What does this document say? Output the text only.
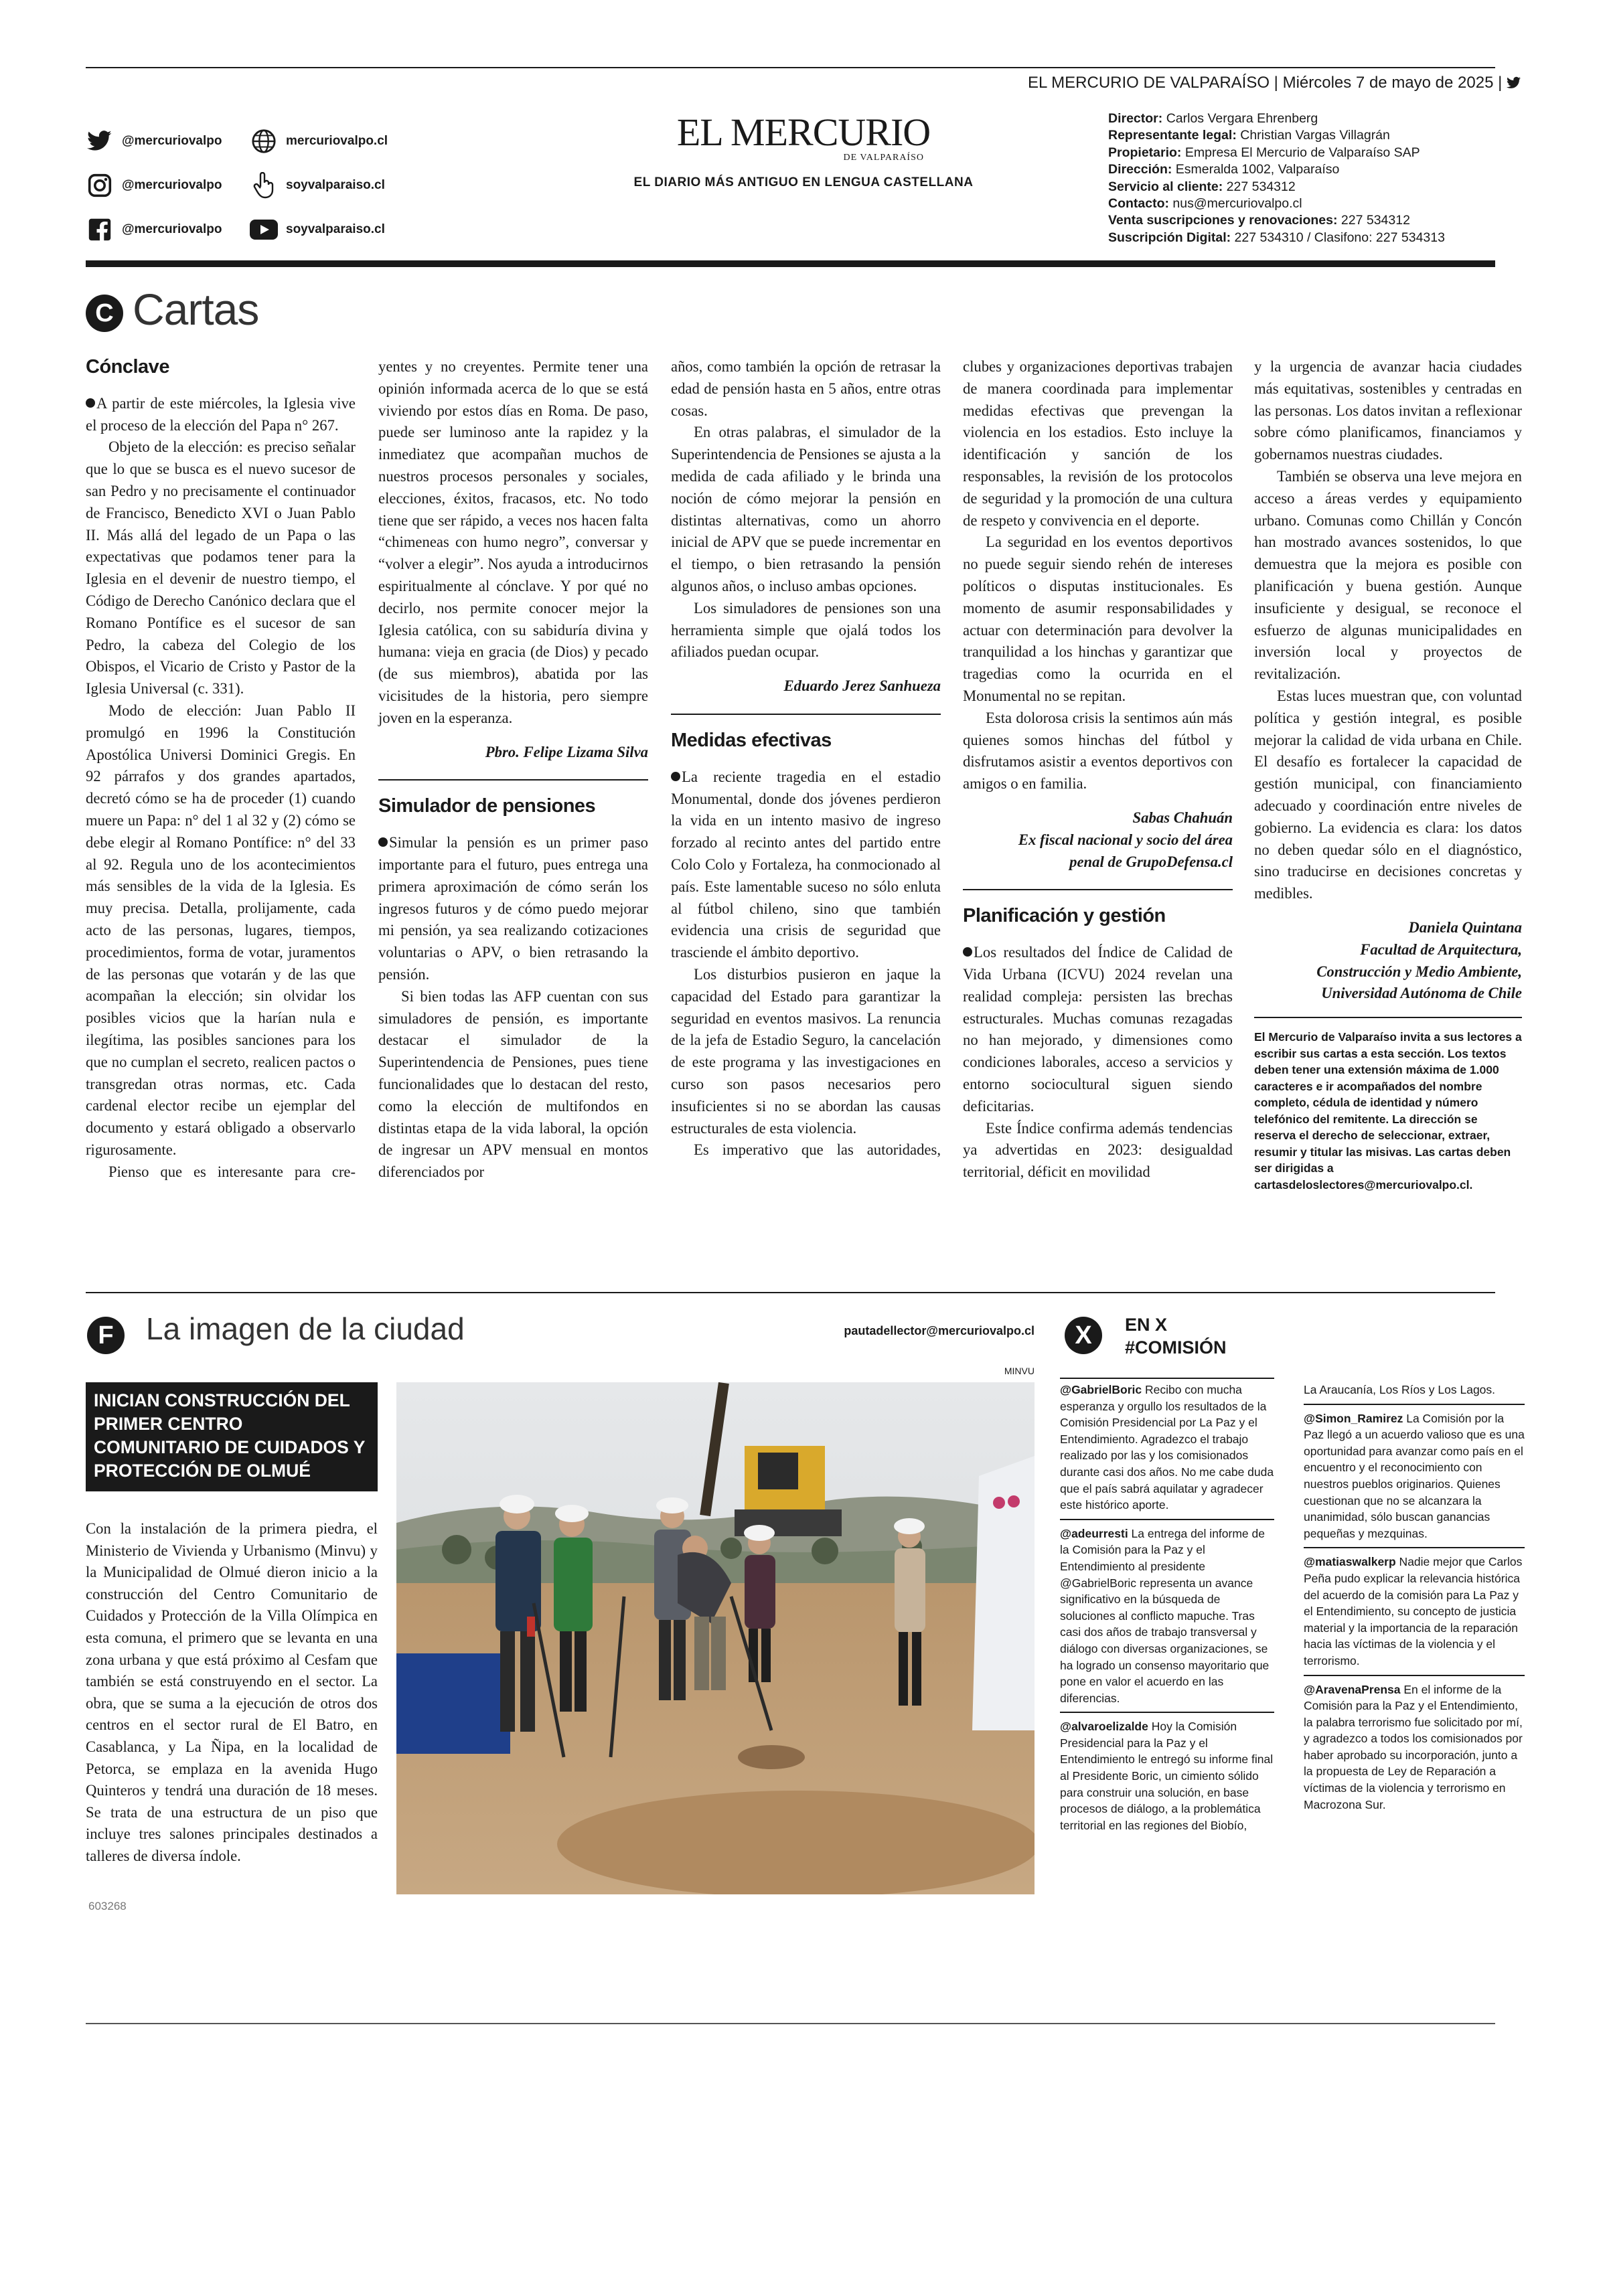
EL MERCURIO DE VALPARAÍSO | Miércoles 7 de mayo de 2025 |
@mercuriovalpo	mercuriovalpo.cl
@mercuriovalpo	soyvalparaiso.cl
@mercuriovalpo	soyvalparaiso.cl
EL MERCURIO
DE VALPARAÍSO
EL DIARIO MÁS ANTIGUO EN LENGUA CASTELLANA
Director: Carlos Vergara Ehrenberg
Representante legal: Christian Vargas Villagrán
Propietario: Empresa El Mercurio de Valparaíso SAP
Dirección: Esmeralda 1002, Valparaíso
Servicio al cliente: 227 534312
Contacto: nus@mercuriovalpo.cl
Venta suscripciones y renovaciones: 227 534312
Suscripción Digital: 227 534310 / Clasifono: 227 534313
C Cartas
Cónclave

A partir de este miércoles, la Iglesia vive el proceso de la elección del Papa n° 267.

Objeto de la elección: es preciso señalar que lo que se busca es el nuevo sucesor de san Pedro y no precisamente el continuador de Francisco, Benedicto XVI o Juan Pablo II. Más allá del legado de un Papa o las expectativas que podamos tener para la Iglesia en el devenir de nuestro tiempo, el Código de Derecho Canónico declara que el Romano Pontífice es el sucesor de san Pedro, la cabeza del Colegio de los Obispos, el Vicario de Cristo y Pastor de la Iglesia Universal (c. 331).

Modo de elección: Juan Pablo II promulgó en 1996 la Constitución Apostólica Universi Dominici Gregis. En 92 párrafos y dos grandes apartados, decretó cómo se ha de proceder (1) cuando muere un Papa: n° del 1 al 32 y (2) cómo se debe elegir al Romano Pontífice: n° del 33 al 92. Regula uno de los acontecimientos más sensibles de la vida de la Iglesia. Es muy precisa. Detalla, prolijamente, cada acto de las personas, lugares, tiempos, procedimientos, forma de votar, juramentos de las personas que votarán y de las que acompañan la elección; sin olvidar los posibles vicios que la harían nula e ilegítima, las posibles sanciones para los que no cumplan el secreto, realicen pactos o transgredan otras normas, etc. Cada cardenal elector recibe un ejemplar del documento y estará obligado a observarlo rigurosamente.

Pienso que es interesante para cre-

yentes y no creyentes. Permite tener una opinión informada acerca de lo que se está viviendo por estos días en Roma. De paso, puede ser luminoso ante la rapidez y la inmediatez que acompañan muchos de nuestros procesos personales y sociales, elecciones, éxitos, fracasos, etc. No todo tiene que ser rápido, a veces nos hacen falta “chimeneas con humo negro”, conversar y “volver a elegir”. Nos ayuda a introducirnos espiritualmente al cónclave. Y por qué no decirlo, nos permite conocer mejor la Iglesia católica, con su sabiduría divina y humana: vieja en gracia (de Dios) y pecado (de sus miembros), abatida por las vicisitudes de la historia, pero siempre joven en la esperanza.

Pbro. Felipe Lizama Silva

Simulador de pensiones

Simular la pensión es un primer paso importante para el futuro, pues entrega una primera aproximación de cómo serán los ingresos futuros y de cómo puedo mejorar mi pensión, ya sea realizando cotizaciones voluntarias o APV, o bien retrasando la pensión.

Si bien todas las AFP cuentan con sus simuladores de pensión, es importante destacar el simulador de la Superintendencia de Pensiones, pues tiene funcionalidades que lo destacan del resto, como la elección de multifondos en distintas etapa de la vida laboral, la opción de ingresar un APV mensual en montos diferenciados por

años, como también la opción de retrasar la edad de pensión hasta en 5 años, entre otras cosas.

En otras palabras, el simulador de la Superintendencia de Pensiones se ajusta a la medida de cada afiliado y le brinda una noción de cómo mejorar la pensión en distintas alternativas, como un ahorro inicial de APV que se puede incrementar en el tiempo, o bien retrasando la pensión algunos años, o incluso ambas opciones.

Los simuladores de pensiones son una herramienta simple que ojalá todos los afiliados puedan ocupar.

Eduardo Jerez Sanhueza

Medidas efectivas

La reciente tragedia en el estadio Monumental, donde dos jóvenes perdieron la vida en un intento masivo de ingreso forzado al recinto antes del partido entre Colo Colo y Fortaleza, ha conmocionado al país. Este lamentable suceso no sólo enluta al fútbol chileno, sino que también evidencia una crisis de seguridad que trasciende el ámbito deportivo.

Los disturbios pusieron en jaque la capacidad del Estado para garantizar la seguridad en eventos masivos. La renuncia de la jefa de Estadio Seguro, la cancelación de este programa y las investigaciones en curso son pasos necesarios pero insuficientes si no se abordan las causas estructurales de esta violencia.

Es imperativo que las autoridades,

clubes y organizaciones deportivas trabajen de manera coordinada para implementar medidas efectivas que prevengan la violencia en los estadios. Esto incluye la identificación y sanción de los responsables, la revisión de los protocolos de seguridad y la promoción de una cultura de respeto y convivencia en el deporte.

La seguridad en los eventos deportivos no puede seguir siendo rehén de intereses políticos o disputas institucionales. Es momento de asumir responsabilidades y actuar con determinación para devolver la tranquilidad a los hinchas y garantizar que tragedias como la ocurrida en el Monumental no se repitan.

Esta dolorosa crisis la sentimos aún más quienes somos hinchas del fútbol y disfrutamos asistir a eventos deportivos con amigos o en familia.

Sabas Chahuán

Ex fiscal nacional y socio del área penal de GrupoDefensa.cl

Planificación y gestión

Los resultados del Índice de Calidad de Vida Urbana (ICVU) 2024 revelan una realidad compleja: persisten las brechas estructurales. Muchas comunas rezagadas no han mejorado, y dimensiones como condiciones laborales, acceso a servicios y entorno sociocultural siguen siendo deficitarias.

Este Índice confirma además tendencias ya advertidas en 2023: desigualdad territorial, déficit en movilidad

y la urgencia de avanzar hacia ciudades más equitativas, sostenibles y centradas en las personas. Los datos invitan a reflexionar sobre cómo planificamos, financiamos y gobernamos nuestras ciudades.

También se observa una leve mejora en acceso a áreas verdes y equipamiento urbano. Comunas como Chillán y Concón han mostrado avances sostenidos, lo que demuestra que la mejora es posible con planificación y buena gestión. Aunque insuficiente y desigual, se reconoce el esfuerzo de algunas municipalidades en inversión local y proyectos de revitalización.

Estas luces muestran que, con voluntad política y gestión integral, es posible mejorar la calidad de vida urbana en Chile. El desafío es fortalecer la capacidad de gestión municipal, con financiamiento adecuado y coordinación entre niveles de gobierno. La evidencia es clara: los datos no deben quedar sólo en el diagnóstico, sino traducirse en decisiones concretas y medibles.

Daniela Quintana

Facultad de Arquitectura, Construcción y Medio Ambiente, Universidad Autónoma de Chile

El Mercurio de Valparaíso invita a sus lectores a escribir sus cartas a esta sección. Los textos deben tener una extensión máxima de 1.000 caracteres e ir acompañados del nombre completo, cédula de identidad y número telefónico del remitente. La dirección se reserva el derecho de seleccionar, extraer, resumir y titular las misivas. Las cartas deben ser dirigidas a cartasdeloslectores@mercuriovalpo.cl.
F	La imagen de la ciudad	pautadellector@mercuriovalpo.cl
INICIAN CONSTRUCCIÓN DEL PRIMER CENTRO COMUNITARIO DE CUIDADOS Y PROTECCIÓN DE OLMUÉ

Con la instalación de la primera piedra, el Ministerio de Vivienda y Urbanismo (Minvu) y la Municipalidad de Olmué dieron inicio a la construcción del Centro Comunitario de Cuidados y Protección de la Villa Olímpica en esta comuna, el primero que se levanta en una zona urbana y que está próximo al Cesfam que también se está construyendo en el sector. La obra, que se suma a la ejecución de otros dos centros en el sector rural de El Batro, en Casablanca, y La Ñipa, en la localidad de Petorca, se emplaza en la avenida Hugo Quinteros y tendrá una duración de 18 meses. Se trata de una estructura de un piso que incluye tres salones principales destinados a talleres de diversa índole.

603268
MINVU
X	EN X
#COMISIÓN

@GabrielBoric Recibo con mucha esperanza y orgullo los resultados de la Comisión Presidencial por La Paz y el Entendimiento. Agradezco el trabajo realizado por las y los comisionados durante casi dos años. No me cabe duda que el país sabrá aquilatar y agradecer este histórico aporte.

@adeurresti La entrega del informe de la Comisión para la Paz y el Entendimiento al presidente @GabrielBoric representa un avance significativo en la búsqueda de soluciones al conflicto mapuche. Tras casi dos años de trabajo transversal y diálogo con diversas organizaciones, se ha logrado un consenso mayoritario que pone en valor el acuerdo en las diferencias.

@alvaroelizalde Hoy la Comisión Presidencial para la Paz y el Entendimiento le entregó su informe final al Presidente Boric, un cimiento sólido para construir una solución, en base procesos de diálogo, a la problemática territorial en las regiones del Biobío,

La Araucanía, Los Ríos y Los Lagos.

@Simon_Ramirez La Comisión por la Paz llegó a un acuerdo valioso que es una oportunidad para avanzar como país en el encuentro y el reconocimiento con nuestros pueblos originarios. Quienes cuestionan que no se alcanzara la unanimidad, sólo buscan ganancias pequeñas y mezquinas.

@matiaswalkerp Nadie mejor que Carlos Peña pudo explicar la relevancia histórica del acuerdo de la comisión para La Paz y el Entendimiento, su concepto de justicia material y la importancia de la reparación hacia las víctimas de la violencia y el terrorismo.

@AravenaPrensa En el informe de la Comisión para la Paz y el Entendimiento, la palabra terrorismo fue solicitado por mí, y agradezco a todos los comisionados por haber aprobado su incorporación, junto a la propuesta de Ley de Reparación a víctimas de la violencia y terrorismo en Macrozona Sur.
